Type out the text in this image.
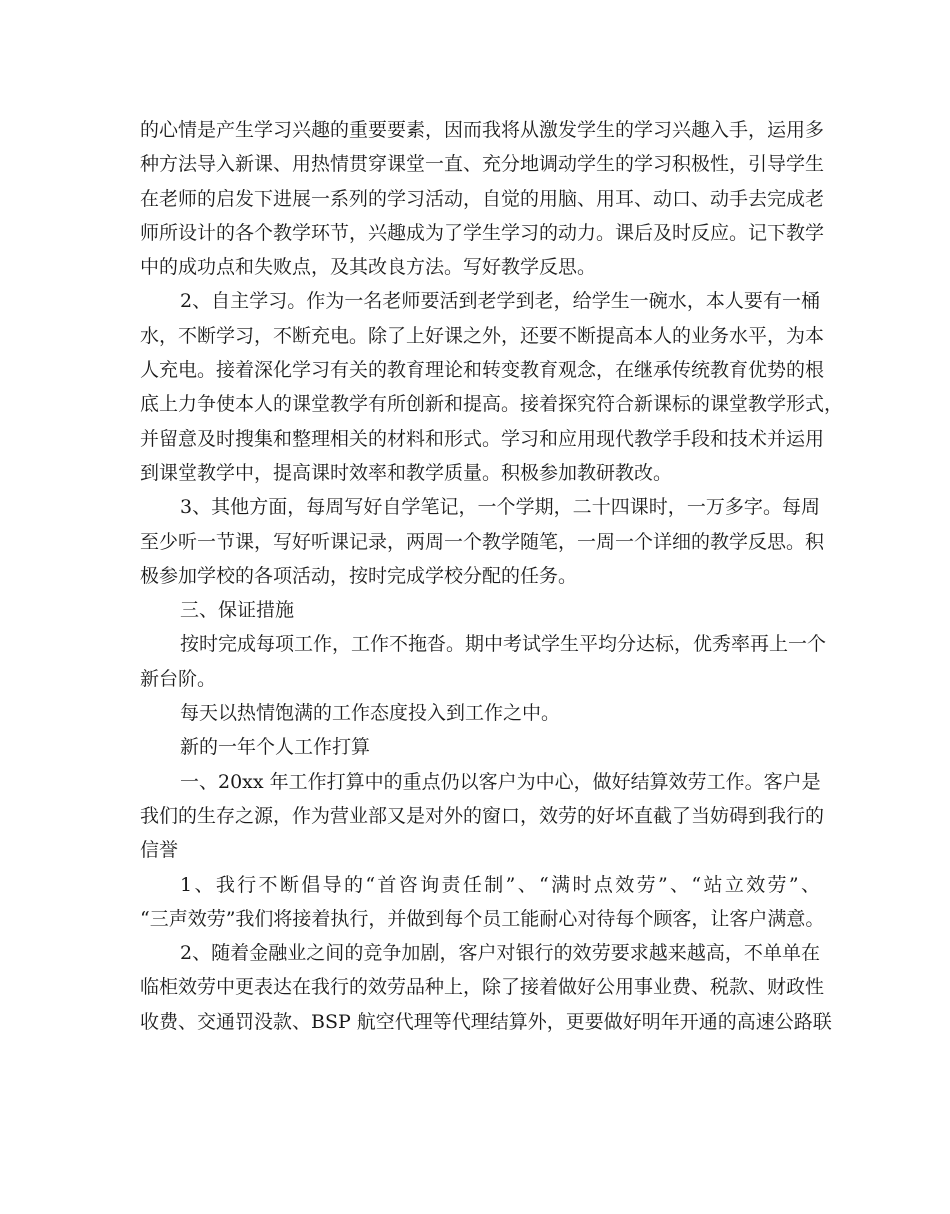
的心情是产生学习兴趣的重要要素，因而我将从激发学生的学习兴趣入手，运用多
种方法导入新课、用热情贯穿课堂一直、充分地调动学生的学习积极性，引导学生
在老师的启发下进展一系列的学习活动，自觉的用脑、用耳、动口、动手去完成老
师所设计的各个教学环节，兴趣成为了学生学习的动力。课后及时反应。记下教学
中的成功点和失败点，及其改良方法。写好教学反思。
2、自主学习。作为一名老师要活到老学到老，给学生一碗水，本人要有一桶
水，不断学习，不断充电。除了上好课之外，还要不断提高本人的业务水平，为本
人充电。接着深化学习有关的教育理论和转变教育观念，在继承传统教育优势的根
底上力争使本人的课堂教学有所创新和提高。接着探究符合新课标的课堂教学形式，
并留意及时搜集和整理相关的材料和形式。学习和应用现代教学手段和技术并运用
到课堂教学中，提高课时效率和教学质量。积极参加教研教改。
3、其他方面，每周写好自学笔记，一个学期，二十四课时，一万多字。每周
至少听一节课，写好听课记录，两周一个教学随笔，一周一个详细的教学反思。积
极参加学校的各项活动，按时完成学校分配的任务。
三、保证措施
按时完成每项工作，工作不拖沓。期中考试学生平均分达标，优秀率再上一个
新台阶。
每天以热情饱满的工作态度投入到工作之中。
新的一年个人工作打算
一、20xx 年工作打算中的重点仍以客户为中心，做好结算效劳工作。客户是
我们的生存之源，作为营业部又是对外的窗口，效劳的好坏直截了当妨碍到我行的
信誉
1、我行不断倡导的“首咨询责任制”、“满时点效劳”、“站立效劳”、
“三声效劳”我们将接着执行，并做到每个员工能耐心对待每个顾客，让客户满意。
2、随着金融业之间的竞争加剧，客户对银行的效劳要求越来越高，不单单在
临柜效劳中更表达在我行的效劳品种上，除了接着做好公用事业费、税款、财政性
收费、交通罚没款、BSP 航空代理等代理结算外，更要做好明年开通的高速公路联
